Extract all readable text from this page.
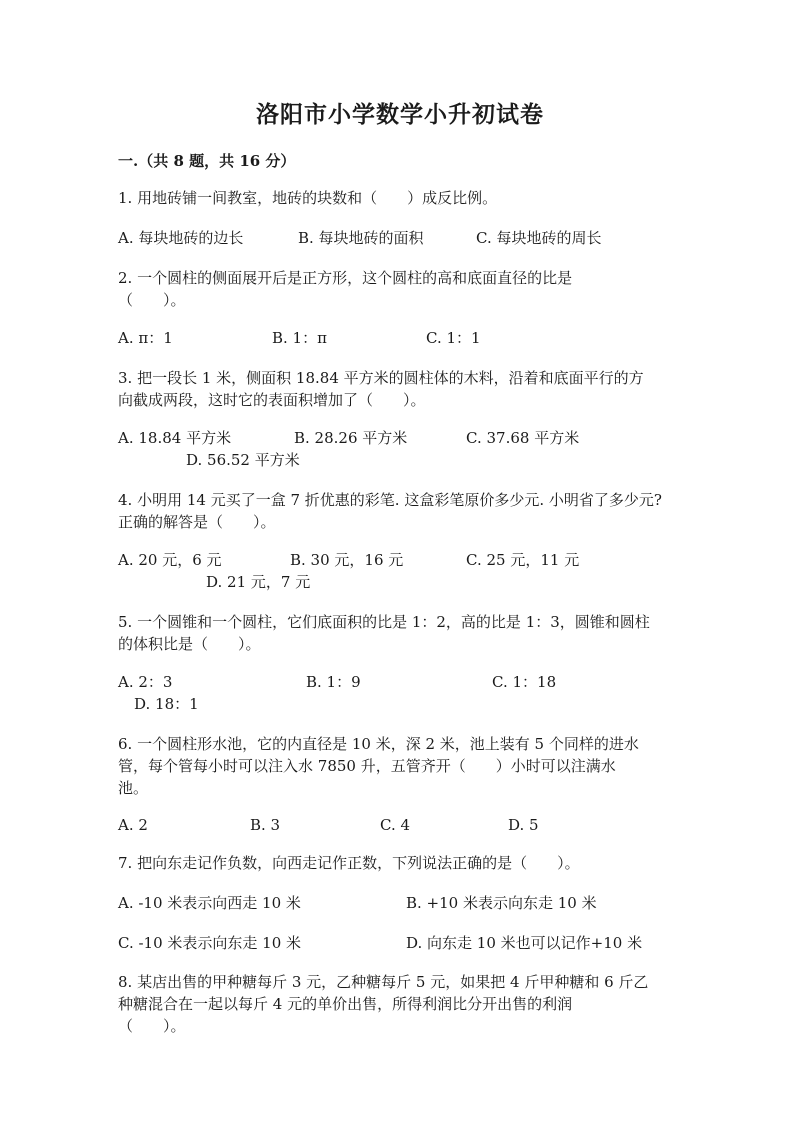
洛阳市小学数学小升初试卷
一.（共 8 题，共 16 分）
1. 用地砖铺一间教室，地砖的块数和（　　）成反比例。
A. 每块地砖的边长	B. 每块地砖的面积	C. 每块地砖的周长
2. 一个圆柱的侧面展开后是正方形，这个圆柱的高和底面直径的比是
（　　）。
A. π：1	B. 1：π	C. 1：1
3. 把一段长 1 米，侧面积 18.84 平方米的圆柱体的木料，沿着和底面平行的方
向截成两段，这时它的表面积增加了（　　）。
A. 18.84 平方米	B. 28.26 平方米	C. 37.68 平方米
D. 56.52 平方米
4. 小明用 14 元买了一盒 7 折优惠的彩笔. 这盒彩笔原价多少元. 小明省了多少元?
正确的解答是（　　）。
A. 20 元，6 元	B. 30 元，16 元	C. 25 元，11 元
D. 21 元，7 元
5. 一个圆锥和一个圆柱，它们底面积的比是 1：2，高的比是 1：3，圆锥和圆柱
的体积比是（　　）。
A. 2：3	B. 1：9	C. 1：18
D. 18：1
6. 一个圆柱形水池，它的内直径是 10 米，深 2 米，池上装有 5 个同样的进水
管，每个管每小时可以注入水 7850 升，五管齐开（　　）小时可以注满水
池。
A. 2	B. 3	C. 4	D. 5
7. 把向东走记作负数，向西走记作正数，下列说法正确的是（　　）。
A. -10 米表示向西走 10 米	B. +10 米表示向东走 10 米
C. -10 米表示向东走 10 米	D. 向东走 10 米也可以记作+10 米
8. 某店出售的甲种糖每斤 3 元，乙种糖每斤 5 元，如果把 4 斤甲种糖和 6 斤乙
种糖混合在一起以每斤 4 元的单价出售，所得利润比分开出售的利润
（　　）。
